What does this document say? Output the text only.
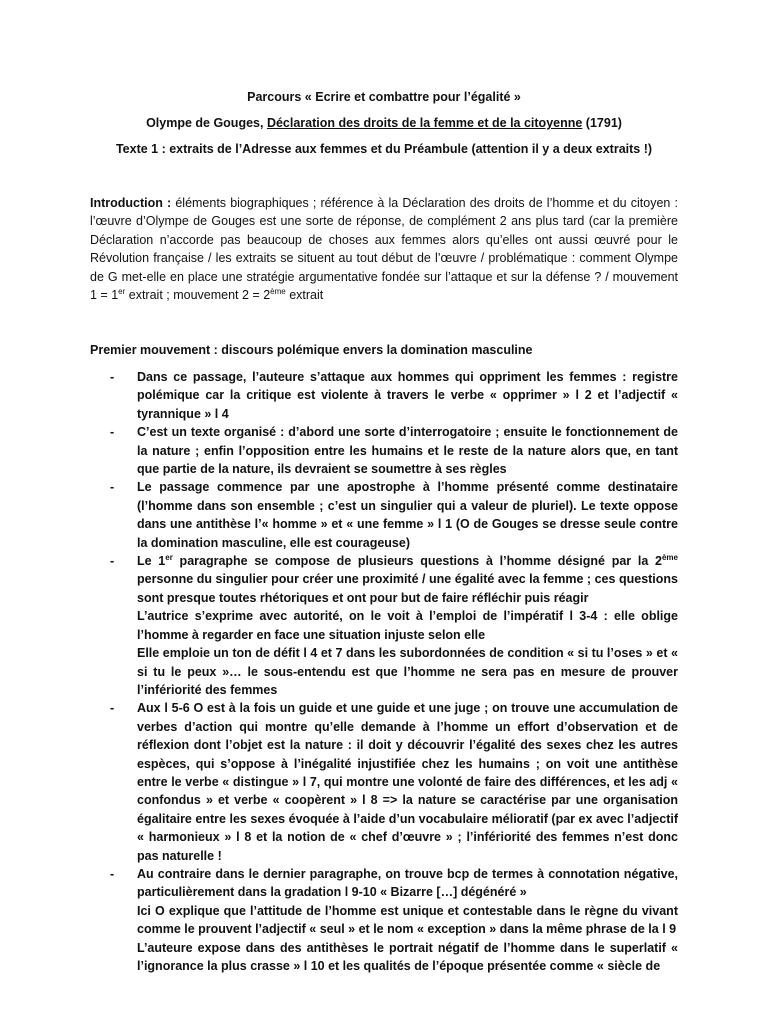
Parcours « Ecrire et combattre pour l’égalité »
Olympe de Gouges, Déclaration des droits de la femme et de la citoyenne (1791)
Texte 1 : extraits de l’Adresse aux femmes et du Préambule (attention il y a deux extraits !)
Introduction : éléments biographiques ; référence à la Déclaration des droits de l’homme et du citoyen : l’œuvre d’Olympe de Gouges est une sorte de réponse, de complément 2 ans plus tard (car la première Déclaration n’accorde pas beaucoup de choses aux femmes alors qu’elles ont aussi œuvré pour le Révolution française / les extraits se situent au tout début de l’œuvre / problématique : comment Olympe de G met-elle en place une stratégie argumentative fondée sur l’attaque et sur la défense ? / mouvement 1 = 1er extrait ; mouvement 2 = 2ème extrait
Premier mouvement : discours polémique envers la domination masculine
- Dans ce passage, l’auteure s’attaque aux hommes qui oppriment les femmes : registre polémique car la critique est violente à travers le verbe « opprimer » l 2 et l’adjectif « tyrannique » l 4

- C’est un texte organisé : d’abord une sorte d’interrogatoire ; ensuite le fonctionnement de la nature ; enfin l’opposition entre les humains et le reste de la nature alors que, en tant que partie de la nature, ils devraient se soumettre à ses règles

- Le passage commence par une apostrophe à l’homme présenté comme destinataire (l’homme dans son ensemble ; c’est un singulier qui a valeur de pluriel). Le texte oppose dans une antithèse l’« homme » et « une femme » l 1 (O de Gouges se dresse seule contre la domination masculine, elle est courageuse)

- Le 1er paragraphe se compose de plusieurs questions à l’homme désigné par la 2ème personne du singulier pour créer une proximité / une égalité avec la femme ; ces questions sont presque toutes rhétoriques et ont pour but de faire réfléchir puis réagir

L’autrice s’exprime avec autorité, on le voit à l’emploi de l’impératif l 3-4 : elle oblige l’homme à regarder en face une situation injuste selon elle

Elle emploie un ton de défit l 4 et 7 dans les subordonnées de condition « si tu l’oses » et « si tu le peux »… le sous-entendu est que l’homme ne sera pas en mesure de prouver l’infériorité des femmes

- Aux l 5-6 O est à la fois un guide et une guide et une juge ; on trouve une accumulation de verbes d’action qui montre qu’elle demande à l’homme un effort d’observation et de réflexion dont l’objet est la nature : il doit y découvrir l’égalité des sexes chez les autres espèces, qui s’oppose à l’inégalité injustifiée chez les humains ; on voit une antithèse entre le verbe « distingue » l 7, qui montre une volonté de faire des différences, et les adj « confondus » et verbe « coopèrent » l 8 => la nature se caractérise par une organisation égalitaire entre les sexes évoquée à l’aide d’un vocabulaire mélioratif (par ex avec l’adjectif « harmonieux » l 8 et la notion de « chef d’œuvre » ; l’infériorité des femmes n’est donc pas naturelle !

- Au contraire dans le dernier paragraphe, on trouve bcp de termes à connotation négative, particulièrement dans la gradation l 9-10 « Bizarre […] dégénéré »

Ici O explique que l’attitude de l’homme est unique et contestable dans le règne du vivant comme le prouvent l’adjectif « seul » et le nom « exception » dans la même phrase de la l 9

L’auteure expose dans des antithèses le portrait négatif de l’homme dans le superlatif « l’ignorance la plus crasse » l 10 et les qualités de l’époque présentée comme « siècle de
